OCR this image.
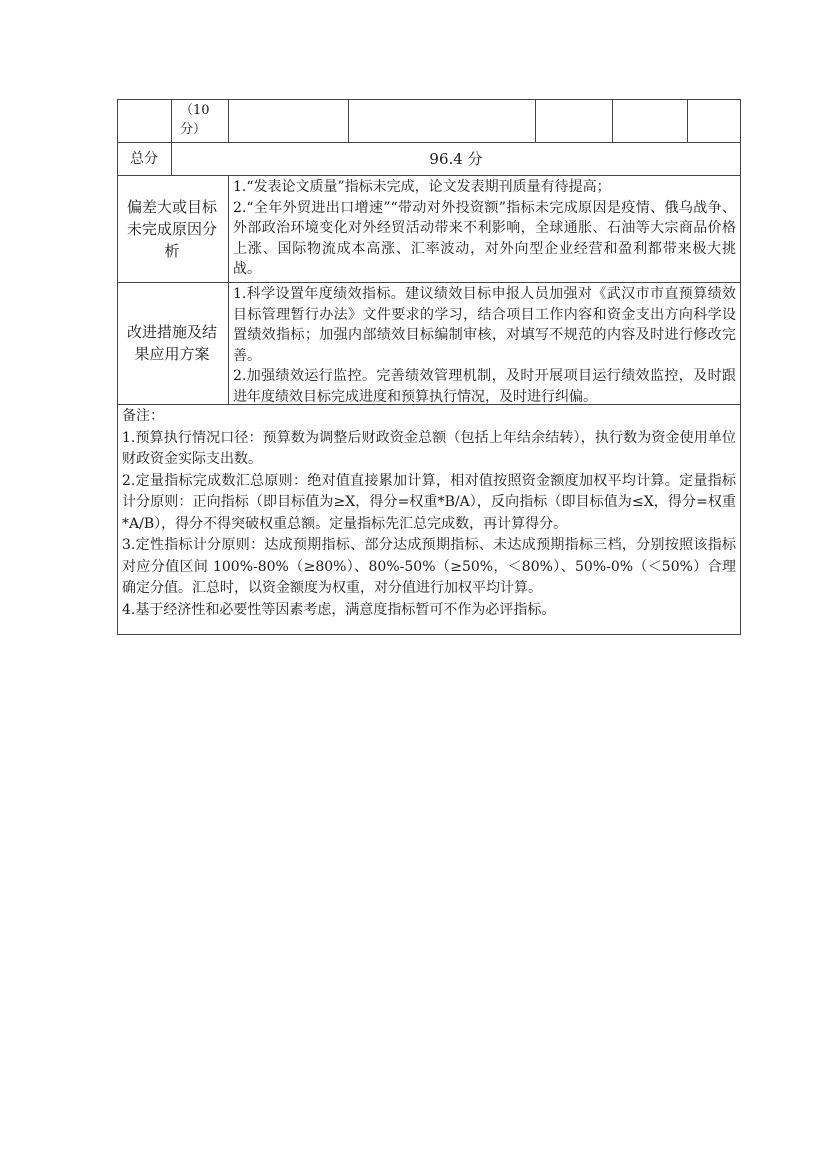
（10 分）
总分	96.4 分
偏差大或目标未完成原因分析

1.“发表论文质量”指标未完成，论文发表期刊质量有待提高；

2.“全年外贸进出口增速”“带动对外投资额”指标未完成原因是疫情、俄乌战争、外部政治环境变化对外经贸活动带来不利影响，全球通胀、石油等大宗商品价格上涨、国际物流成本高涨、汇率波动，对外向型企业经营和盈利都带来极大挑战。

改进措施及结果应用方案

1.科学设置年度绩效指标。建议绩效目标申报人员加强对《武汉市市直预算绩效目标管理暂行办法》文件要求的学习，结合项目工作内容和资金支出方向科学设置绩效指标；加强内部绩效目标编制审核，对填写不规范的内容及时进行修改完善。

2.加强绩效运行监控。完善绩效管理机制，及时开展项目运行绩效监控，及时跟进年度绩效目标完成进度和预算执行情况，及时进行纠偏。

备注：

1.预算执行情况口径：预算数为调整后财政资金总额（包括上年结余结转），执行数为资金使用单位财政资金实际支出数。

2.定量指标完成数汇总原则：绝对值直接累加计算，相对值按照资金额度加权平均计算。定量指标计分原则：正向指标（即目标值为≥X，得分=权重*B/A），反向指标（即目标值为≤X，得分=权重*A/B），得分不得突破权重总额。定量指标先汇总完成数，再计算得分。

3.定性指标计分原则：达成预期指标、部分达成预期指标、未达成预期指标三档，分别按照该指标对应分值区间 100%-80%（≥80%）、80%-50%（≥50%，＜80%）、50%-0%（＜50%）合理确定分值。汇总时，以资金额度为权重，对分值进行加权平均计算。

4.基于经济性和必要性等因素考虑，满意度指标暂可不作为必评指标。
